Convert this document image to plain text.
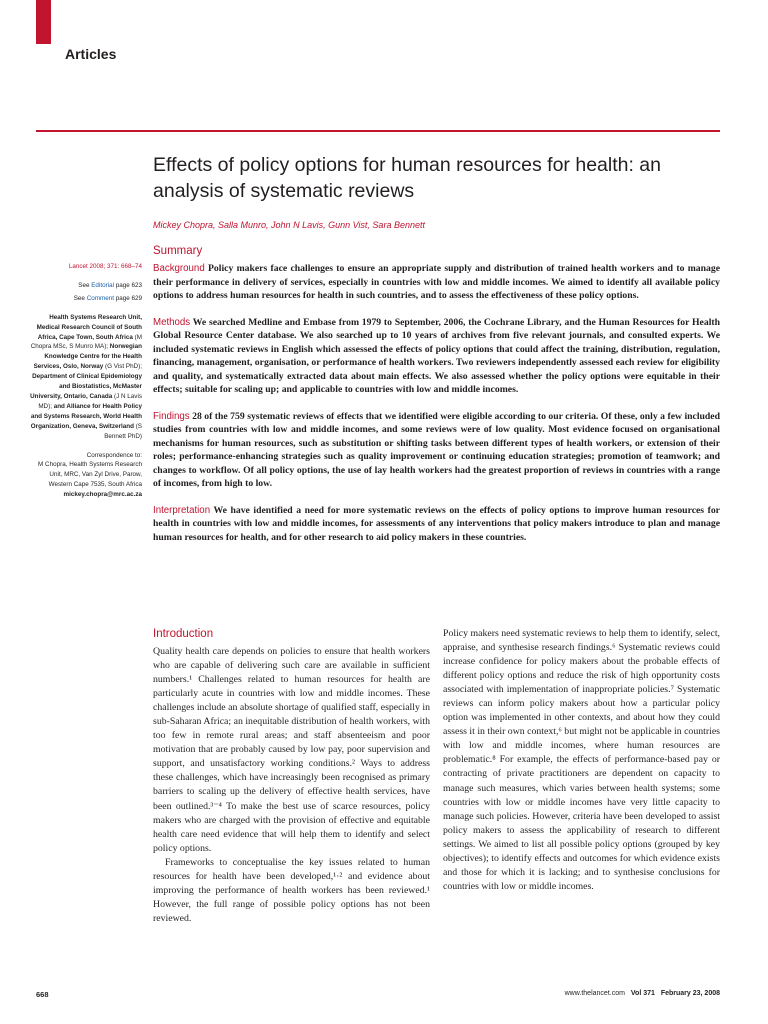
Articles
Effects of policy options for human resources for health: an analysis of systematic reviews
Mickey Chopra, Salla Munro, John N Lavis, Gunn Vist, Sara Bennett

Lancet 2008; 371: 668–74

See Editorial page 623

See Comment page 629

Health Systems Research Unit, Medical Research Council of South Africa, Cape Town, South Africa (M Chopra MSc, S Munro MA); Norwegian Knowledge Centre for the Health Services, Oslo, Norway (G Vist PhD); Department of Clinical Epidemiology and Biostatistics, McMaster University, Ontario, Canada (J N Lavis MD); and Alliance for Health Policy and Systems Research, World Health Organization, Geneva, Switzerland (S Bennett PhD)

Correspondence to:
M Chopra, Health Systems Research Unit, MRC, Van Zyl Drive, Parow, Western Cape 7535, South Africa
mickey.chopra@mrc.ac.za

Summary

Background Policy makers face challenges to ensure an appropriate supply and distribution of trained health workers and to manage their performance in delivery of services, especially in countries with low and middle incomes. We aimed to identify all available policy options to address human resources for health in such countries, and to assess the effectiveness of these policy options.

Methods We searched Medline and Embase from 1979 to September, 2006, the Cochrane Library, and the Human Resources for Health Global Resource Center database. We also searched up to 10 years of archives from five relevant journals, and consulted experts. We included systematic reviews in English which assessed the effects of policy options that could affect the training, distribution, regulation, financing, management, organisation, or performance of health workers. Two reviewers independently assessed each review for eligibility and quality, and systematically extracted data about main effects. We also assessed whether the policy options were equitable in their effects; suitable for scaling up; and applicable to countries with low and middle incomes.

Findings 28 of the 759 systematic reviews of effects that we identified were eligible according to our criteria. Of these, only a few included studies from countries with low and middle incomes, and some reviews were of low quality. Most evidence focused on organisational mechanisms for human resources, such as substitution or shifting tasks between different types of health workers, or extension of their roles; performance-enhancing strategies such as quality improvement or continuing education strategies; promotion of teamwork; and changes to workflow. Of all policy options, the use of lay health workers had the greatest proportion of reviews in countries with a range of incomes, from high to low.

Interpretation We have identified a need for more systematic reviews on the effects of policy options to improve human resources for health in countries with low and middle incomes, for assessments of any interventions that policy makers introduce to plan and manage human resources for health, and for other research to aid policy makers in these countries.

Introduction

Quality health care depends on policies to ensure that health workers who are capable of delivering such care are available in sufficient numbers.¹ Challenges related to human resources for health are particularly acute in countries with low and middle incomes. These challenges include an absolute shortage of qualified staff, especially in sub-Saharan Africa; an inequitable distribution of health workers, with too few in remote rural areas; and staff absenteeism and poor motivation that are probably caused by low pay, poor supervision and support, and unsatisfactory working conditions.² Ways to address these challenges, which have increasingly been recognised as primary barriers to scaling up the delivery of effective health services, have been outlined.³⁻⁴ To make the best use of scarce resources, policy makers who are charged with the provision of effective and equitable health care need evidence that will help them to identify and select policy options.

Frameworks to conceptualise the key issues related to human resources for health have been developed,¹·² and evidence about improving the performance of health workers has been reviewed.¹ However, the full range of possible policy options has not been reviewed.

Policy makers need systematic reviews to help them to identify, select, appraise, and synthesise research findings.⁶ Systematic reviews could increase confidence for policy makers about the probable effects of different policy options and reduce the risk of high opportunity costs associated with implementation of inappropriate policies.⁷ Systematic reviews can inform policy makers about how a particular policy option was implemented in other contexts, and about how they could assess it in their own context,⁶ but might not be applicable in countries with low and middle incomes, where human resources are problematic.⁸ For example, the effects of performance-based pay or contracting of private practitioners are dependent on capacity to manage such measures, which varies between health systems; some countries with low or middle incomes have very little capacity to manage such policies. However, criteria have been developed to assist policy makers to assess the applicability of research to different settings. We aimed to list all possible policy options (grouped by key objectives); to identify effects and outcomes for which evidence exists and those for which it is lacking; and to synthesise conclusions for countries with low or middle incomes.

668	www.thelancet.com Vol 371 February 23, 2008
